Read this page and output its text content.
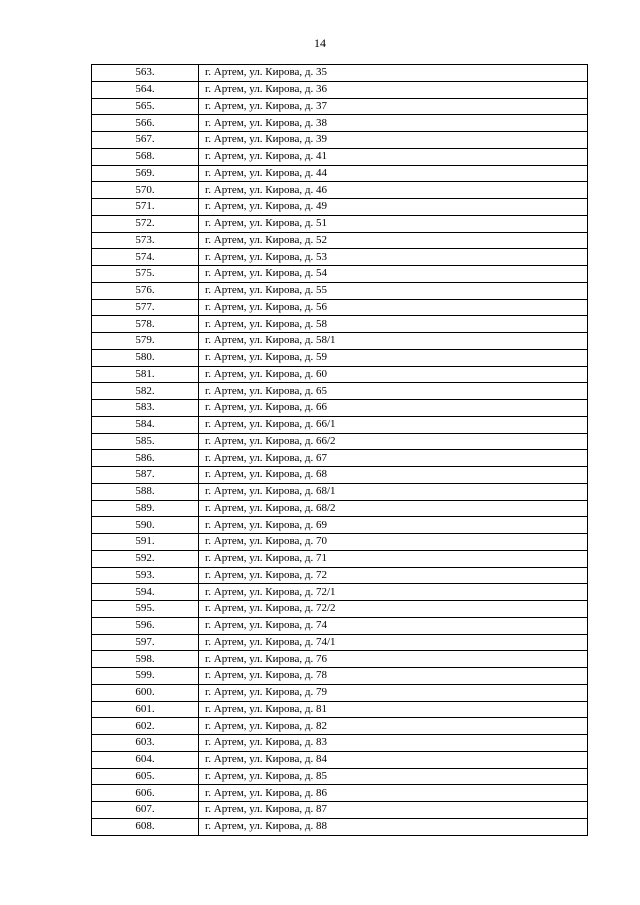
14
563.	г. Артем, ул. Кирова, д. 35
564.	г. Артем, ул. Кирова, д. 36
565.	г. Артем, ул. Кирова, д. 37
566.	г. Артем, ул. Кирова, д. 38
567.	г. Артем, ул. Кирова, д. 39
568.	г. Артем, ул. Кирова, д. 41
569.	г. Артем, ул. Кирова, д. 44
570.	г. Артем, ул. Кирова, д. 46
571.	г. Артем, ул. Кирова, д. 49
572.	г. Артем, ул. Кирова, д. 51
573.	г. Артем, ул. Кирова, д. 52
574.	г. Артем, ул. Кирова, д. 53
575.	г. Артем, ул. Кирова, д. 54
576.	г. Артем, ул. Кирова, д. 55
577.	г. Артем, ул. Кирова, д. 56
578.	г. Артем, ул. Кирова, д. 58
579.	г. Артем, ул. Кирова, д. 58/1
580.	г. Артем, ул. Кирова, д. 59
581.	г. Артем, ул. Кирова, д. 60
582.	г. Артем, ул. Кирова, д. 65
583.	г. Артем, ул. Кирова, д. 66
584.	г. Артем, ул. Кирова, д. 66/1
585.	г. Артем, ул. Кирова, д. 66/2
586.	г. Артем, ул. Кирова, д. 67
587.	г. Артем, ул. Кирова, д. 68
588.	г. Артем, ул. Кирова, д. 68/1
589.	г. Артем, ул. Кирова, д. 68/2
590.	г. Артем, ул. Кирова, д. 69
591.	г. Артем, ул. Кирова, д. 70
592.	г. Артем, ул. Кирова, д. 71
593.	г. Артем, ул. Кирова, д. 72
594.	г. Артем, ул. Кирова, д. 72/1
595.	г. Артем, ул. Кирова, д. 72/2
596.	г. Артем, ул. Кирова, д. 74
597.	г. Артем, ул. Кирова, д. 74/1
598.	г. Артем, ул. Кирова, д. 76
599.	г. Артем, ул. Кирова, д. 78
600.	г. Артем, ул. Кирова, д. 79
601.	г. Артем, ул. Кирова, д. 81
602.	г. Артем, ул. Кирова, д. 82
603.	г. Артем, ул. Кирова, д. 83
604.	г. Артем, ул. Кирова, д. 84
605.	г. Артем, ул. Кирова, д. 85
606.	г. Артем, ул. Кирова, д. 86
607.	г. Артем, ул. Кирова, д. 87
608.	г. Артем, ул. Кирова, д. 88
